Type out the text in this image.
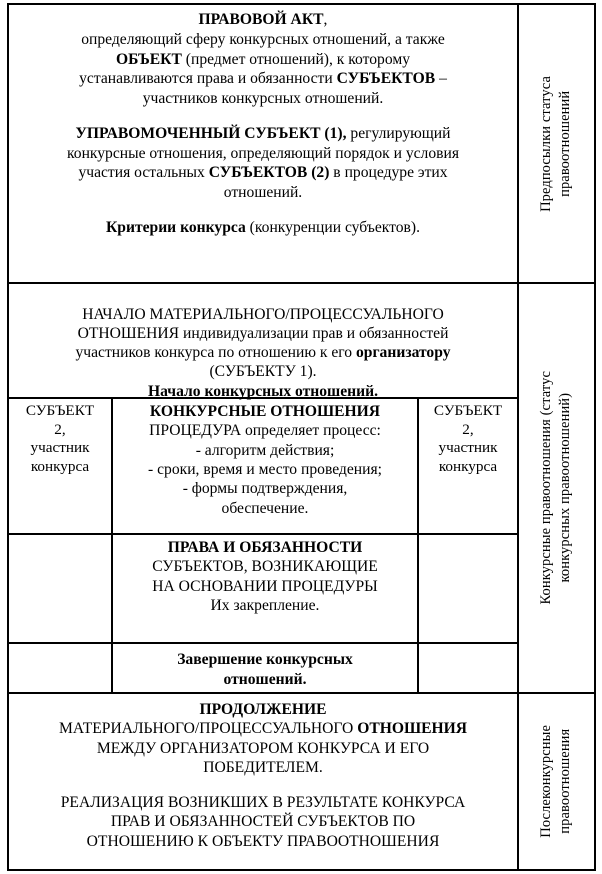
ПРАВОВОЙ АКТ,
определяющий сферу конкурсных отношений, а также
ОБЪЕКТ (предмет отношений), к которому
устанавливаются права и обязанности СУБЪЕКТОВ –
участников конкурсных отношений.

УПРАВОМОЧЕННЫЙ СУБЪЕКТ (1), регулирующий
конкурсные отношения, определяющий порядок и условия
участия остальных СУБЪЕКТОВ (2) в процедуре этих
отношений.

Критерии конкурса (конкуренции субъектов).

НАЧАЛО МАТЕРИАЛЬНОГО/ПРОЦЕССУАЛЬНОГО
ОТНОШЕНИЯ индивидуализации прав и обязанностей
участников конкурса по отношению к его организатору
(СУБЪЕКТУ 1).
Начало конкурсных отношений.

СУБЪЕКТ
2,
участник
конкурса
КОНКУРСНЫЕ ОТНОШЕНИЯ
ПРОЦЕДУРА определяет процесс:
- алгоритм действия;
- сроки, время и место проведения;
- формы подтверждения,
обеспечение.
СУБЪЕКТ
2,
участник
конкурса
ПРАВА И ОБЯЗАННОСТИ
СУБЪЕКТОВ, ВОЗНИКАЮЩИЕ
НА ОСНОВАНИИ ПРОЦЕДУРЫ
Их закрепление.
Завершение конкурсных
отношений.

ПРОДОЛЖЕНИЕ
МАТЕРИАЛЬНОГО/ПРОЦЕССУАЛЬНОГО ОТНОШЕНИЯ
МЕЖДУ ОРГАНИЗАТОРОМ КОНКУРСА И ЕГО
ПОБЕДИТЕЛЕМ.

РЕАЛИЗАЦИЯ ВОЗНИКШИХ В РЕЗУЛЬТАТЕ КОНКУРСА
ПРАВ И ОБЯЗАННОСТЕЙ СУБЪЕКТОВ ПО
ОТНОШЕНИЮ К ОБЪЕКТУ ПРАВООТНОШЕНИЯ

Предпосылки статуса правоотношений
Конкурсные правоотношения (статус конкурсных правоотношений)
Послеконкурсные правоотношения
